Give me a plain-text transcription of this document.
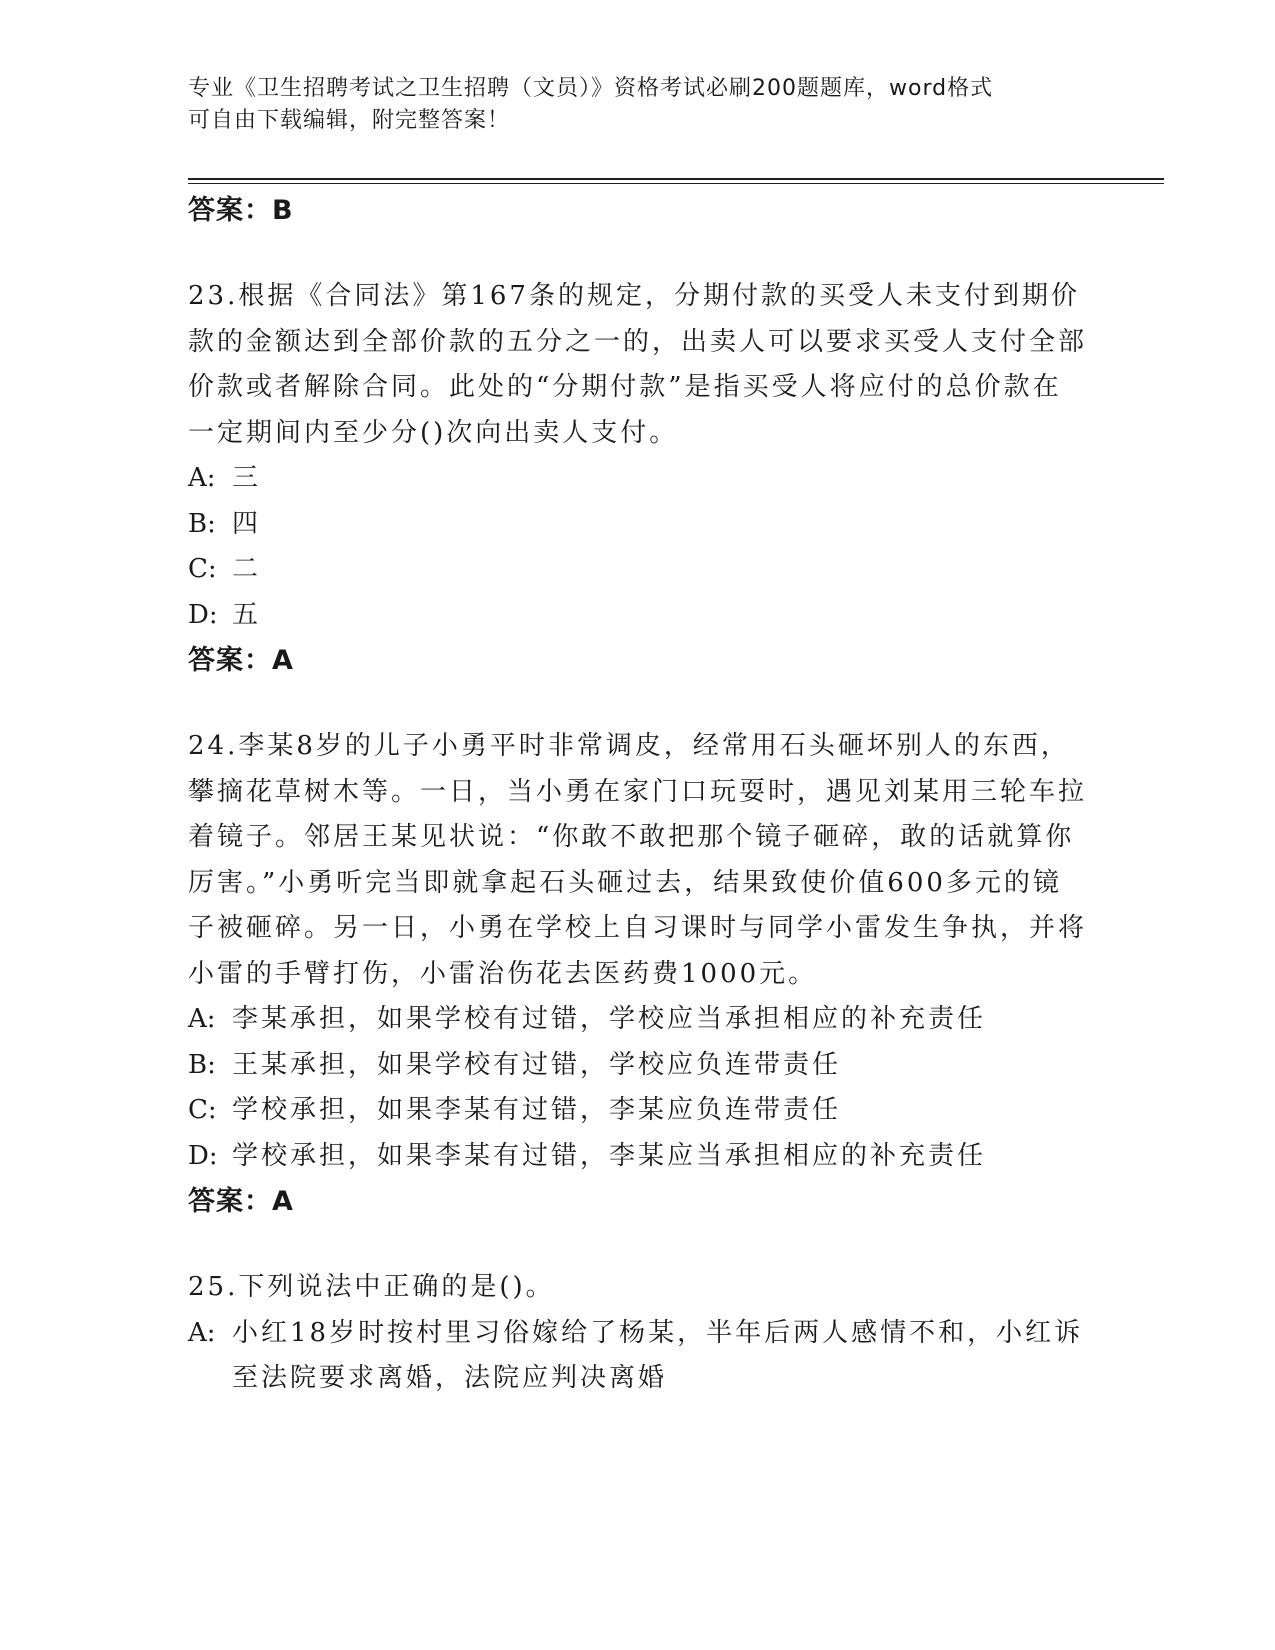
专业《卫生招聘考试之卫生招聘（文员）》资格考试必刷200题题库，word格式
可自由下载编辑，附完整答案！
答案：B

23.根据《合同法》第167条的规定，分期付款的买受人未支付到期价款的金额达到全部价款的五分之一的，出卖人可以要求买受人支付全部价款或者解除合同。此处的“分期付款”是指买受人将应付的总价款在一定期间内至少分()次向出卖人支付。

A: 三
B: 四
C: 二
D: 五
答案：A

24.李某8岁的儿子小勇平时非常调皮，经常用石头砸坏别人的东西，攀摘花草树木等。一日，当小勇在家门口玩耍时，遇见刘某用三轮车拉着镜子。邻居王某见状说：“你敢不敢把那个镜子砸碎，敢的话就算你厉害。”小勇听完当即就拿起石头砸过去，结果致使价值600多元的镜子被砸碎。另一日，小勇在学校上自习课时与同学小雷发生争执，并将小雷的手臂打伤，小雷治伤花去医药费1000元。

A: 李某承担，如果学校有过错，学校应当承担相应的补充责任
B: 王某承担，如果学校有过错，学校应负连带责任
C: 学校承担，如果李某有过错，李某应负连带责任
D: 学校承担，如果李某有过错，李某应当承担相应的补充责任
答案：A

25.下列说法中正确的是()。

A: 小红18岁时按村里习俗嫁给了杨某，半年后两人感情不和，小红诉至法院要求离婚，法院应判决离婚
